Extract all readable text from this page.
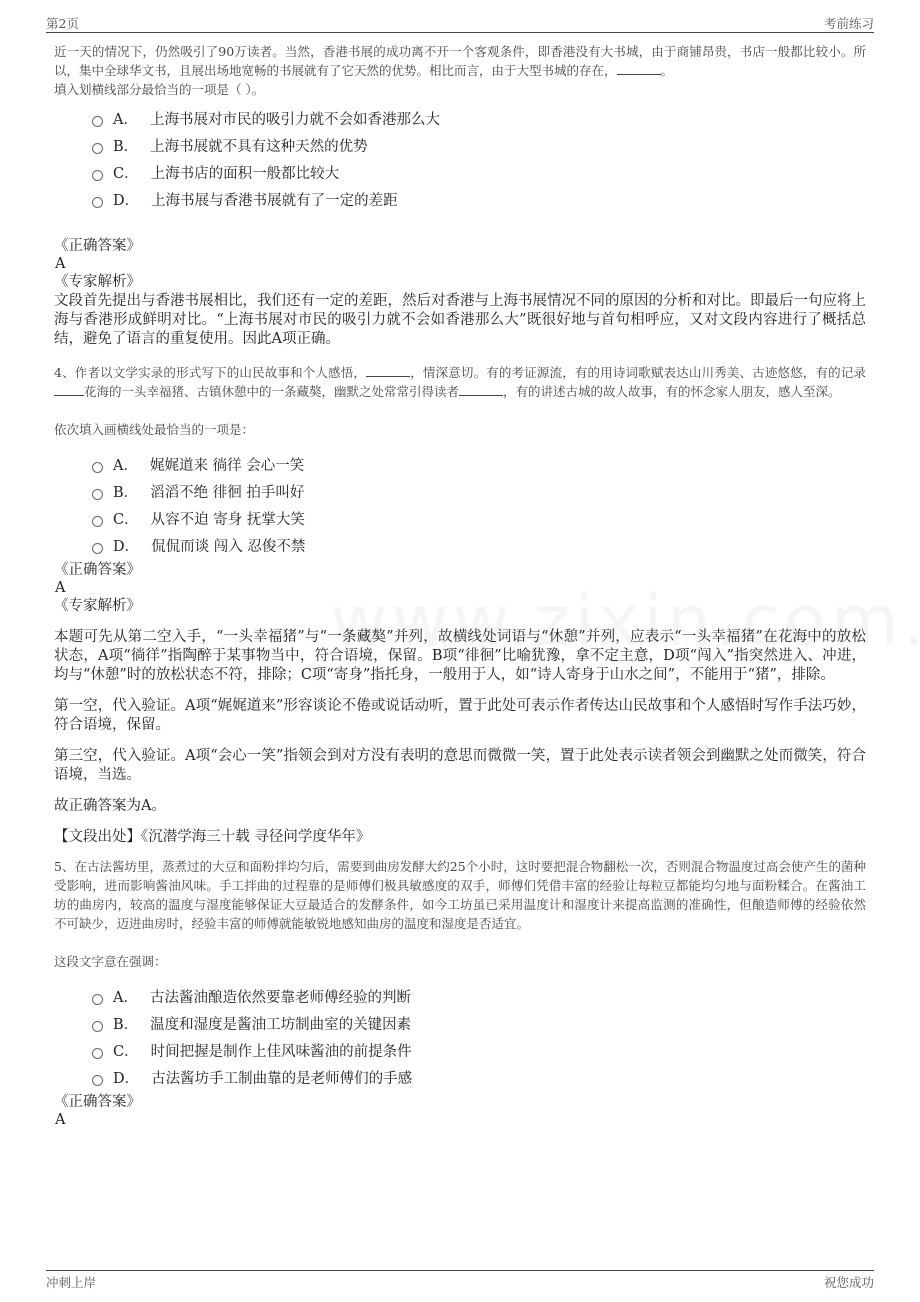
第2页	考前练习

近一天的情况下，仍然吸引了90万读者。当然，香港书展的成功离不开一个客观条件，即香港没有大书城，由于商铺昂贵，书店一般都比较小。所以，集中全球华文书，且展出场地宽畅的书展就有了它天然的优势。相比而言，由于大型书城的存在，	。

填入划横线部分最恰当的一项是（ ）。

A． 上海书展对市民的吸引力就不会如香港那么大
B． 上海书展就不具有这种天然的优势
C． 上海书店的面积一般都比较大
D． 上海书展与香港书展就有了一定的差距

《正确答案》

A

《专家解析》

文段首先提出与香港书展相比，我们还有一定的差距，然后对香港与上海书展情况不同的原因的分析和对比。即最后一句应将上海与香港形成鲜明对比。“上海书展对市民的吸引力就不会如香港那么大”既很好地与首句相呼应，又对文段内容进行了概括总结，避免了语言的重复使用。因此A项正确。

4、作者以文学实录的形式写下的山民故事和个人感悟，	，情深意切。有的考证源流，有的用诗词歌赋表达山川秀美、古迹悠悠，有的记录花海的一头幸福猪、古镇休憩中的一条藏獒，幽默之处常常引得读者	，有的讲述古城的故人故事，有的怀念家人朋友，感人至深。

依次填入画横线处最恰当的一项是：

A． 娓娓道来 徜徉 会心一笑
B． 滔滔不绝 徘徊 拍手叫好
C． 从容不迫 寄身 抚掌大笑
D． 侃侃而谈 闯入 忍俊不禁

《正确答案》

A

《专家解析》

本题可先从第二空入手，“一头幸福猪”与“一条藏獒”并列，故横线处词语与“休憩”并列，应表示“一头幸福猪”在花海中的放松状态，A项“徜徉”指陶醉于某事物当中，符合语境，保留。B项“徘徊”比喻犹豫，拿不定主意，D项“闯入”指突然进入、冲进，均与“休憩”时的放松状态不符，排除；C项“寄身”指托身，一般用于人，如“诗人寄身于山水之间”，不能用于“猪”，排除。

第一空，代入验证。A项“娓娓道来”形容谈论不倦或说话动听，置于此处可表示作者传达山民故事和个人感悟时写作手法巧妙，符合语境，保留。

第三空，代入验证。A项“会心一笑”指领会到对方没有表明的意思而微微一笑，置于此处表示读者领会到幽默之处而微笑，符合语境，当选。

故正确答案为A。

【文段出处】《沉潜学海三十载 寻径问学度华年》

5、在古法酱坊里，蒸煮过的大豆和面粉拌均匀后，需要到曲房发酵大约25个小时，这时要把混合物翻松一次，否则混合物温度过高会使产生的菌种受影响，进而影响酱油风味。手工拌曲的过程靠的是师傅们极具敏感度的双手，师傅们凭借丰富的经验让每粒豆都能均匀地与面粉糅合。在酱油工坊的曲房内，较高的温度与湿度能够保证大豆最适合的发酵条件，如今工坊虽已采用温度计和湿度计来提高监测的准确性，但酿造师傅的经验依然不可缺少，迈进曲房时，经验丰富的师傅就能敏锐地感知曲房的温度和湿度是否适宜。

这段文字意在强调：

A． 古法酱油酿造依然要靠老师傅经验的判断
B． 温度和湿度是酱油工坊制曲室的关键因素
C． 时间把握是制作上佳风味酱油的前提条件
D． 古法酱坊手工制曲靠的是老师傅们的手感

《正确答案》

A

冲刺上岸	祝您成功
